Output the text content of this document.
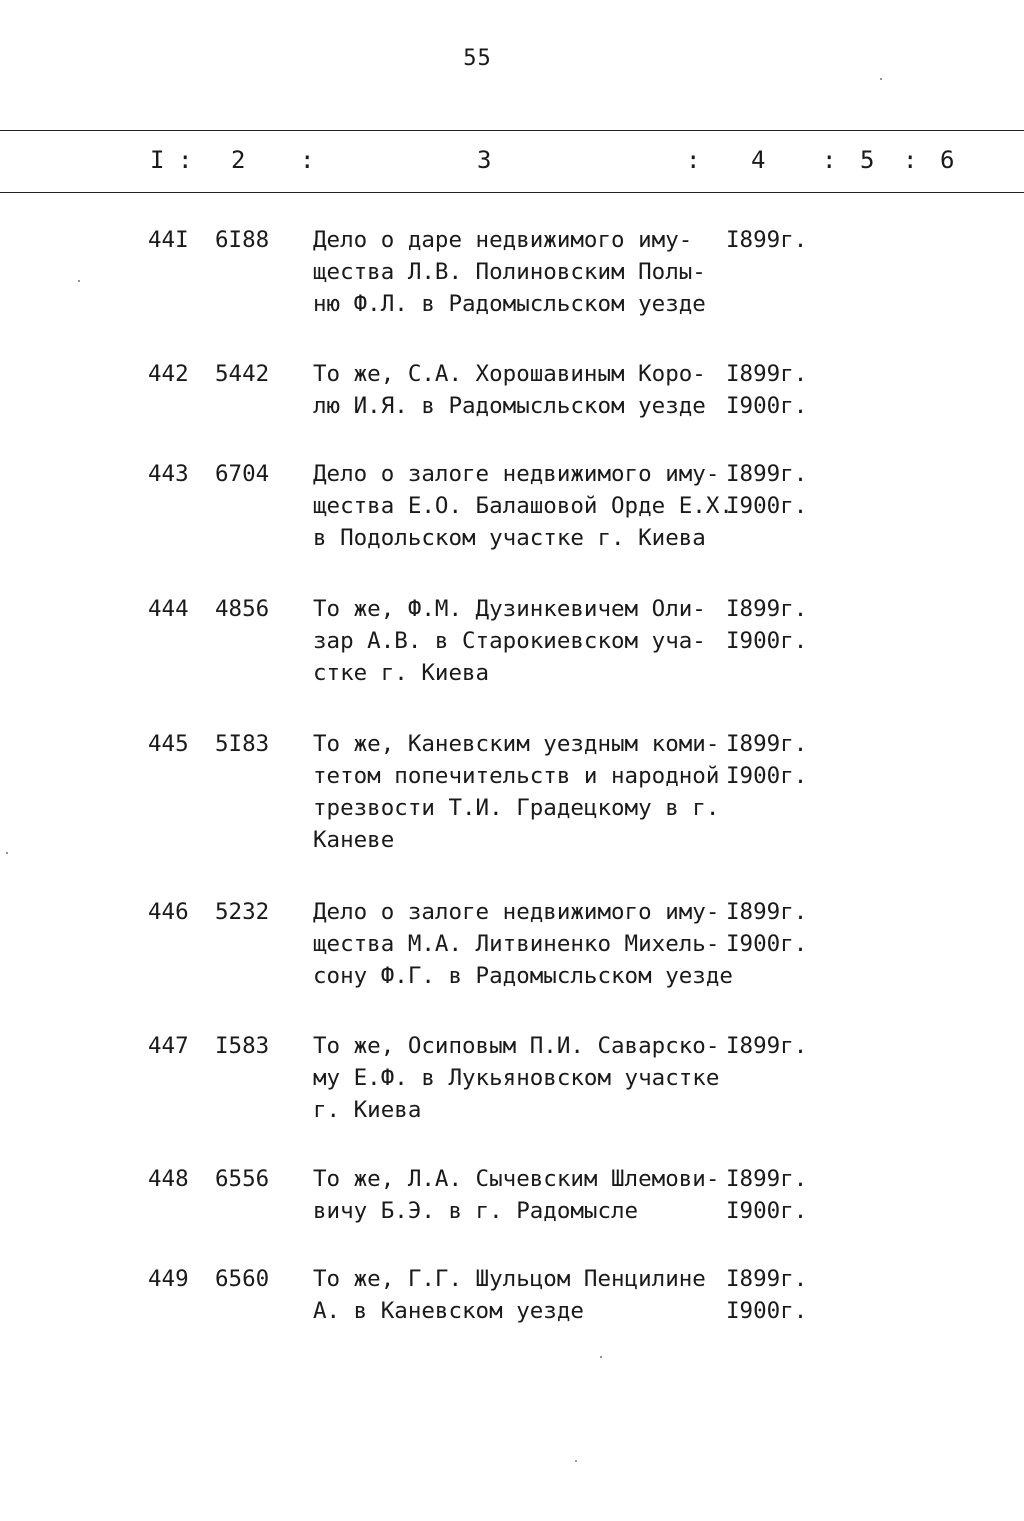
55
I : 2 :	3	: 4 : 5 : 6
44I 6I88 Дело о даре недвижимого иму-
щества Л.В. Полиновским Полы-
ню Ф.Л. в Радомысльском уезде
I899г.
442 5442 То же, С.А. Хорошавиным Коро-
лю И.Я. в Радомысльском уезде
I899г.
I900г.
443 6704 Дело о залоге недвижимого иму-
щества Е.О. Балашовой Орде Е.Х.
в Подольском участке г. Киева
I899г.
I900г.
444 4856 То же, Ф.М. Дузинкевичем Оли-
зар А.В. в Старокиевском уча-
стке г. Киева
I899г.
I900г.
445 5I83 То же, Каневским уездным коми-
тетом попечительств и народной
трезвости Т.И. Градецкому в г.
Каневе
I899г.
I900г.
446 5232 Дело о залоге недвижимого иму-
щества М.А. Литвиненко Михель-
сону Ф.Г. в Радомысльском уезде
I899г.
I900г.
447 I583 То же, Осиповым П.И. Саварско-
му Е.Ф. в Лукьяновском участке
г. Киева
I899г.
448 6556 То же, Л.А. Сычевским Шлемови-
вичу Б.Э. в г. Радомысле
I899г.
I900г.
449 6560 То же, Г.Г. Шульцом Пенцилине
А. в Каневском уезде
I899г.
I900г.
